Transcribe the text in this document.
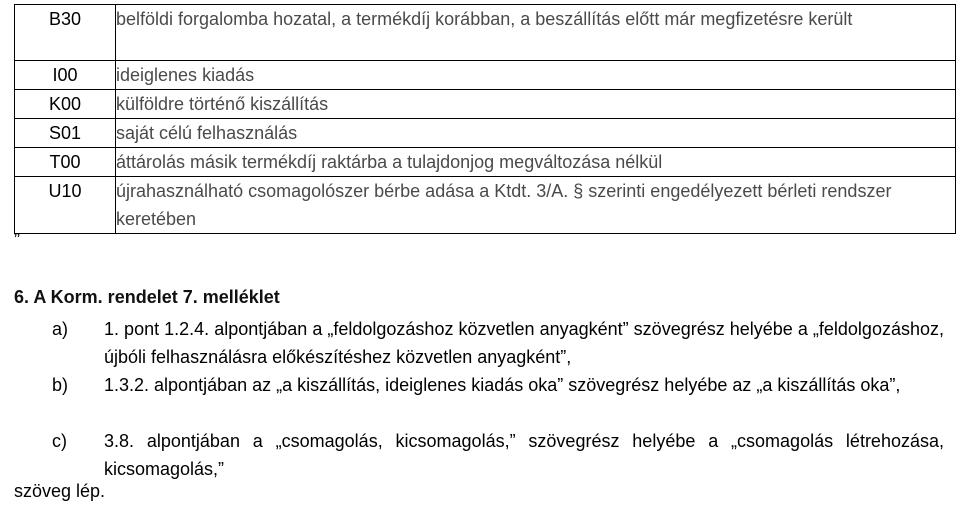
B30	belföldi forgalomba hozatal, a termékdíj korábban, a beszállítás előtt már megfizetésre került
I00	ideiglenes kiadás
K00	külföldre történő kiszállítás
S01	saját célú felhasználás
T00	áttárolás másik termékdíj raktárba a tulajdonjog megváltozása nélkül
U10	újrahasználható csomagolószer bérbe adása a Ktdt. 3/A. § szerinti engedélyezett bérleti rendszer keretében
”
6. A Korm. rendelet 7. melléklet
a) 1. pont 1.2.4. alpontjában a „feldolgozáshoz közvetlen anyagként” szövegrész helyébe a „feldolgozáshoz, újbóli felhasználásra előkészítéshez közvetlen anyagként”,
b) 1.3.2. alpontjában az „a kiszállítás, ideiglenes kiadás oka” szövegrész helyébe az „a kiszállítás oka”,
c) 3.8. alpontjában a „csomagolás, kicsomagolás,” szövegrész helyébe a „csomagolás létrehozása, kicsomagolás,”
szöveg lép.
